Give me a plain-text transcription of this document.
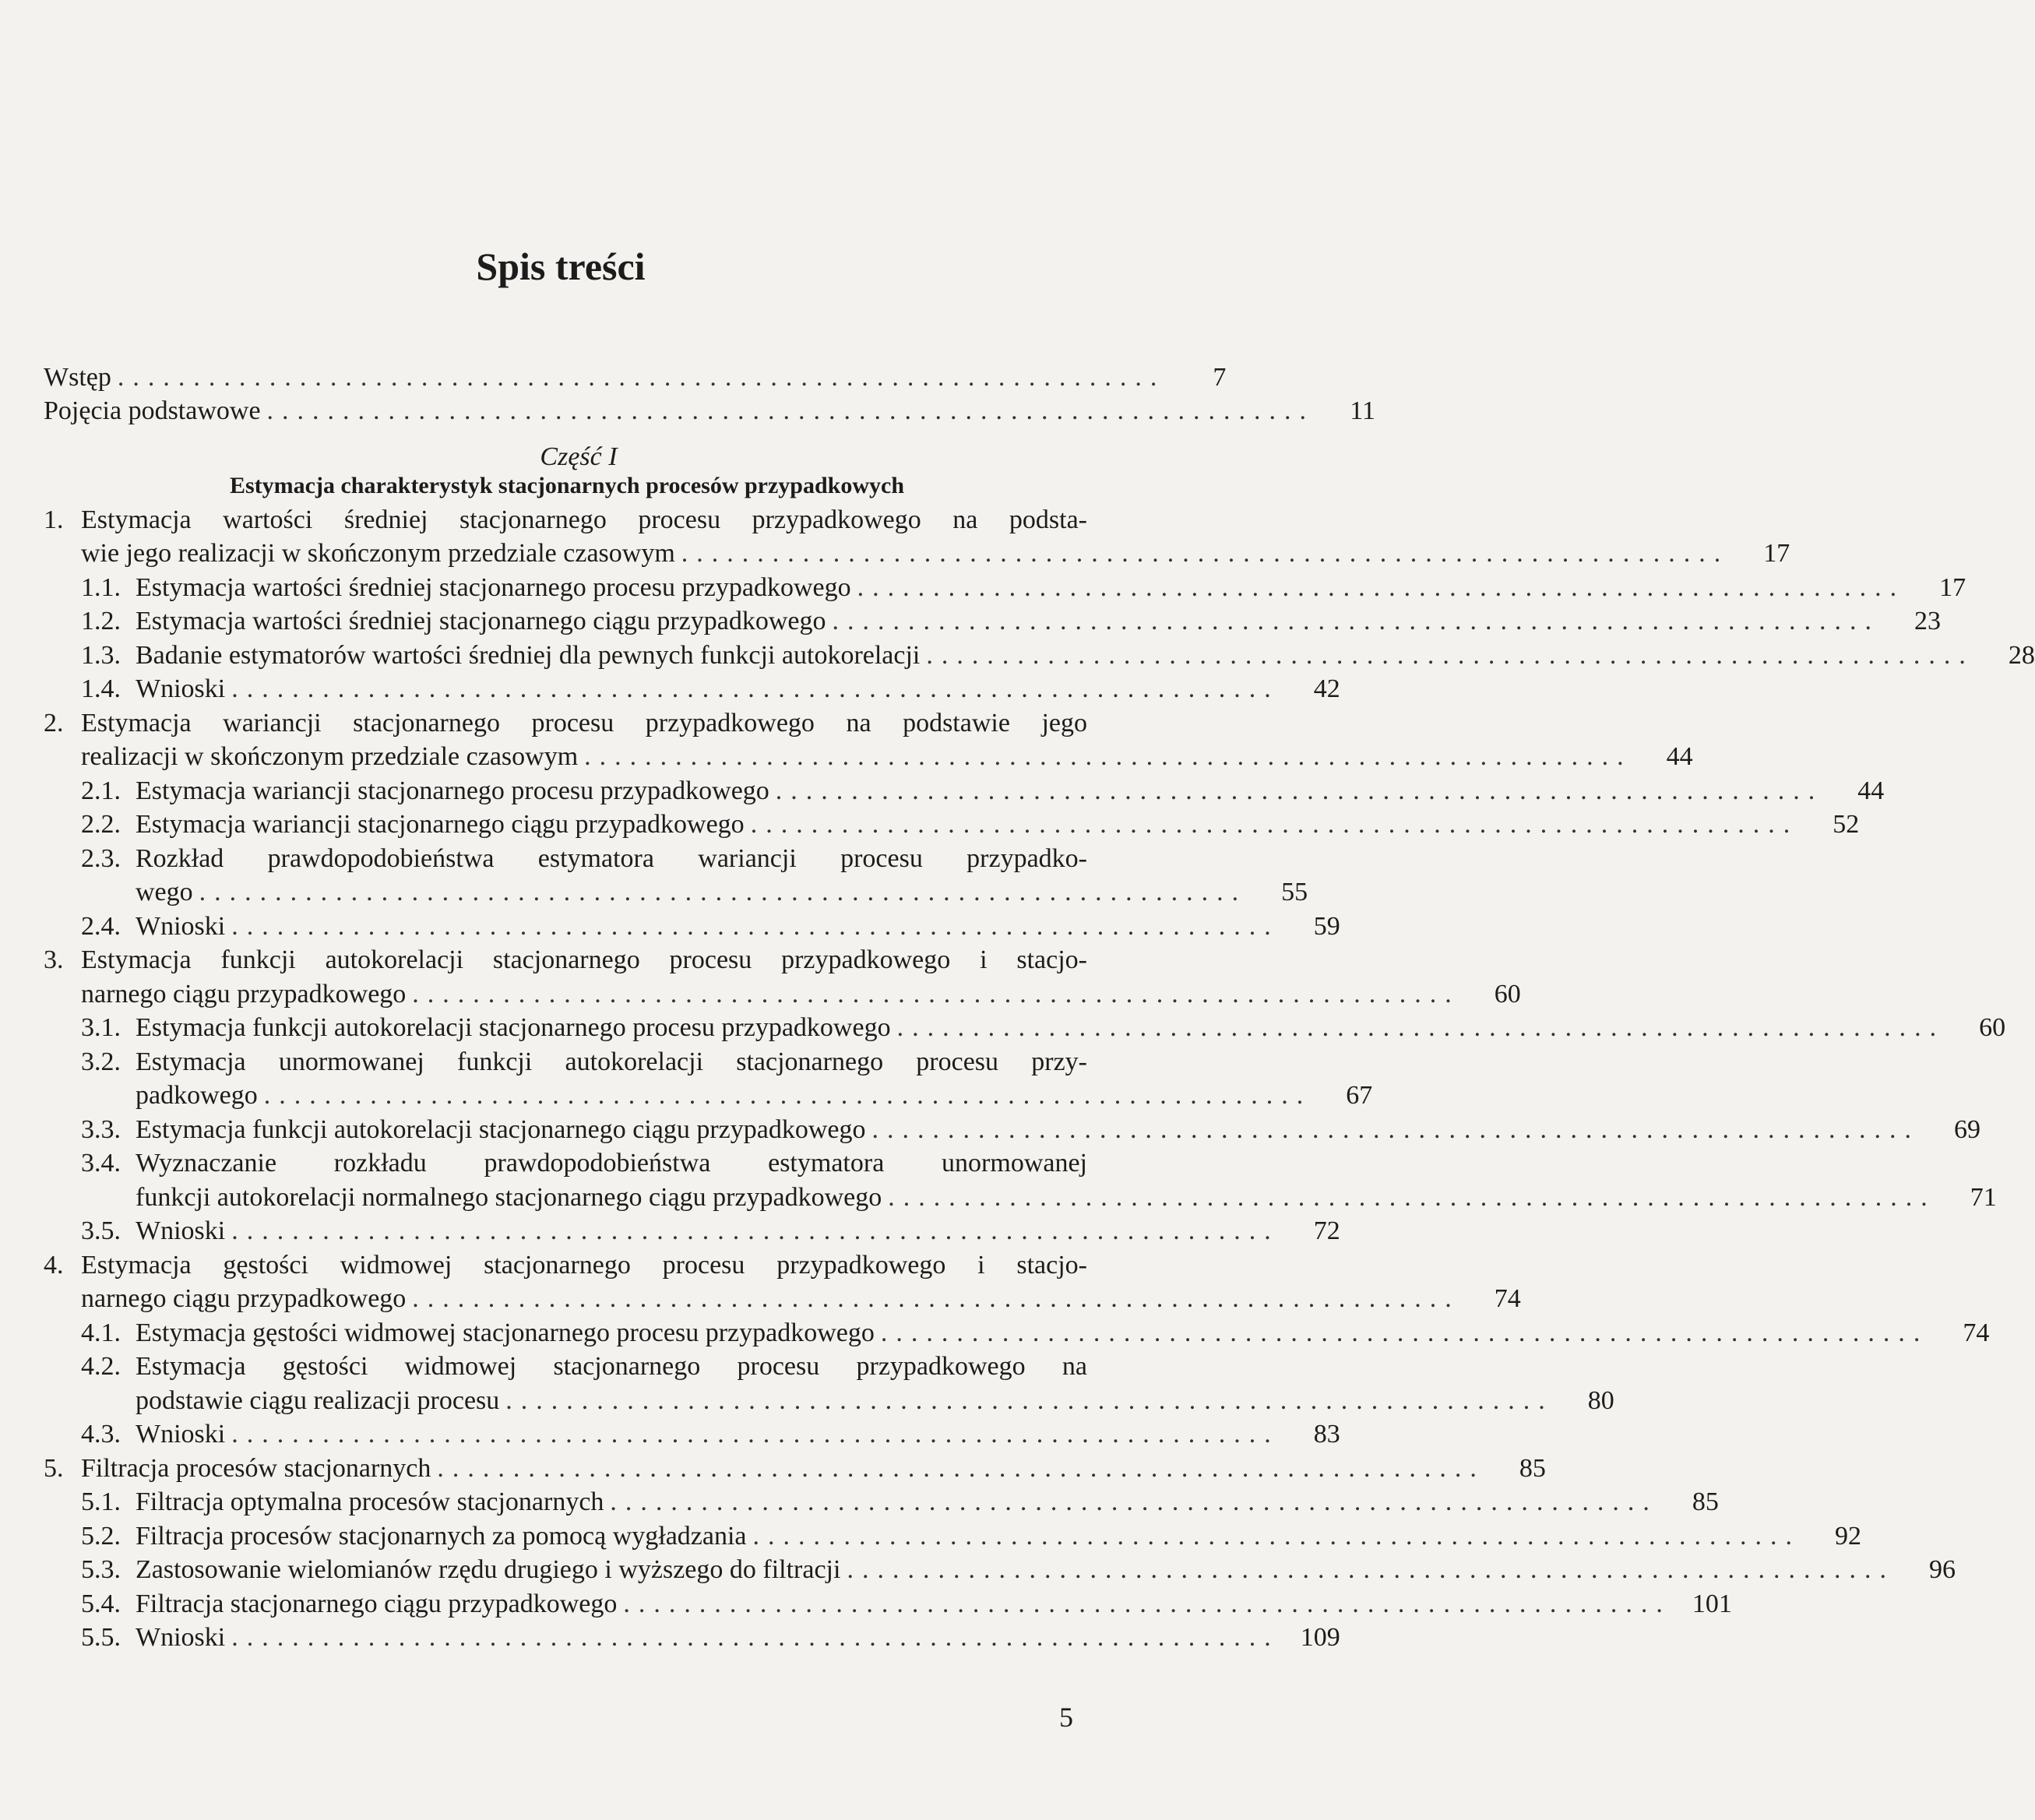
Spis treści
Wstęp .....................................................................	7
Pojęcia podstawowe .....................................................................	11
Część I
Estymacja charakterystyk stacjonarnych procesów przypadkowych
1. Estymacja wartości średniej stacjonarnego procesu przypadkowego na podsta-
wie jego realizacji w skończonym przedziale czasowym .....................................................................	17
1.1. Estymacja wartości średniej stacjonarnego procesu przypadkowego .....................................................................	17
1.2. Estymacja wartości średniej stacjonarnego ciągu przypadkowego .....................................................................	23
1.3. Badanie estymatorów wartości średniej dla pewnych funkcji autokorelacji .....................................................................	28
1.4. Wnioski .....................................................................	42
2. Estymacja wariancji stacjonarnego procesu przypadkowego na podstawie jego
realizacji w skończonym przedziale czasowym .....................................................................	44
2.1. Estymacja wariancji stacjonarnego procesu przypadkowego .....................................................................	44
2.2. Estymacja wariancji stacjonarnego ciągu przypadkowego .....................................................................	52
2.3. Rozkład prawdopodobieństwa estymatora wariancji procesu przypadko-
wego .....................................................................	55
2.4. Wnioski .....................................................................	59
3. Estymacja funkcji autokorelacji stacjonarnego procesu przypadkowego i stacjo-
narnego ciągu przypadkowego .....................................................................	60
3.1. Estymacja funkcji autokorelacji stacjonarnego procesu przypadkowego .....................................................................	60
3.2. Estymacja unormowanej funkcji autokorelacji stacjonarnego procesu przy-
padkowego .....................................................................	67
3.3. Estymacja funkcji autokorelacji stacjonarnego ciągu przypadkowego .....................................................................	69
3.4. Wyznaczanie rozkładu prawdopodobieństwa estymatora unormowanej
funkcji autokorelacji normalnego stacjonarnego ciągu przypadkowego .....................................................................	71
3.5. Wnioski .....................................................................	72
4. Estymacja gęstości widmowej stacjonarnego procesu przypadkowego i stacjo-
narnego ciągu przypadkowego .....................................................................	74
4.1. Estymacja gęstości widmowej stacjonarnego procesu przypadkowego .....................................................................	74
4.2. Estymacja gęstości widmowej stacjonarnego procesu przypadkowego na
podstawie ciągu realizacji procesu .....................................................................	80
4.3. Wnioski .....................................................................	83
5. Filtracja procesów stacjonarnych .....................................................................	85
5.1. Filtracja optymalna procesów stacjonarnych .....................................................................	85
5.2. Filtracja procesów stacjonarnych za pomocą wygładzania .....................................................................	92
5.3. Zastosowanie wielomianów rzędu drugiego i wyższego do filtracji .....................................................................	96
5.4. Filtracja stacjonarnego ciągu przypadkowego ..................................................................... 101
5.5. Wnioski ..................................................................... 109
5
